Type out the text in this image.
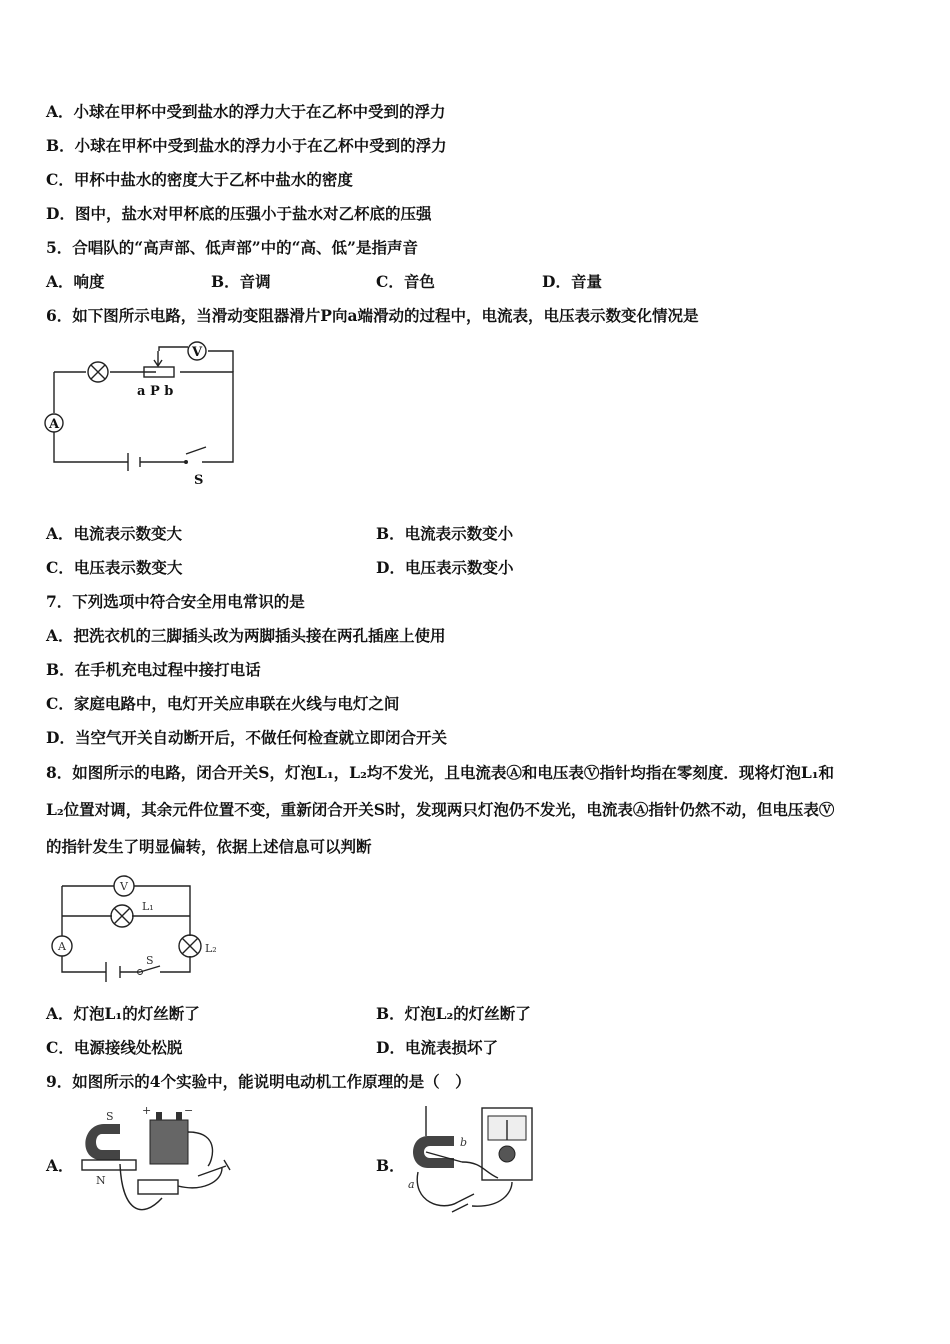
A．小球在甲杯中受到盐水的浮力大于在乙杯中受到的浮力
B．小球在甲杯中受到盐水的浮力小于在乙杯中受到的浮力
C．甲杯中盐水的密度大于乙杯中盐水的密度
D．图中，盐水对甲杯底的压强小于盐水对乙杯底的压强
5．合唱队的“高声部、低声部”中的“高、低”是指声音
A．响度	B．音调	C．音色	D．音量
6．如下图所示电路，当滑动变阻器滑片P向a端滑动的过程中，电流表，电压表示数变化情况是
V
A
a P b
S
A．电流表示数变大	B．电流表示数变小
C．电压表示数变大	D．电压表示数变小
7．下列选项中符合安全用电常识的是
A．把洗衣机的三脚插头改为两脚插头接在两孔插座上使用
B．在手机充电过程中接打电话
C．家庭电路中，电灯开关应串联在火线与电灯之间
D．当空气开关自动断开后，不做任何检查就立即闭合开关
8．如图所示的电路，闭合开关S，灯泡L₁，L₂均不发光，且电流表Ⓐ和电压表Ⓥ指针均指在零刻度．现将灯泡L₁和
L₂位置对调，其余元件位置不变，重新闭合开关S时，发现两只灯泡仍不发光，电流表Ⓐ指针仍然不动，但电压表Ⓥ
的指针发生了明显偏转，依据上述信息可以判断
V
L₁
A	L₂
S
A．灯泡L₁的灯丝断了	B．灯泡L₂的灯丝断了
C．电源接线处松脱	D．电流表损坏了
9．如图所示的4个实验中，能说明电动机工作原理的是（　）
A．
S
N
+	−
B．
b
a
